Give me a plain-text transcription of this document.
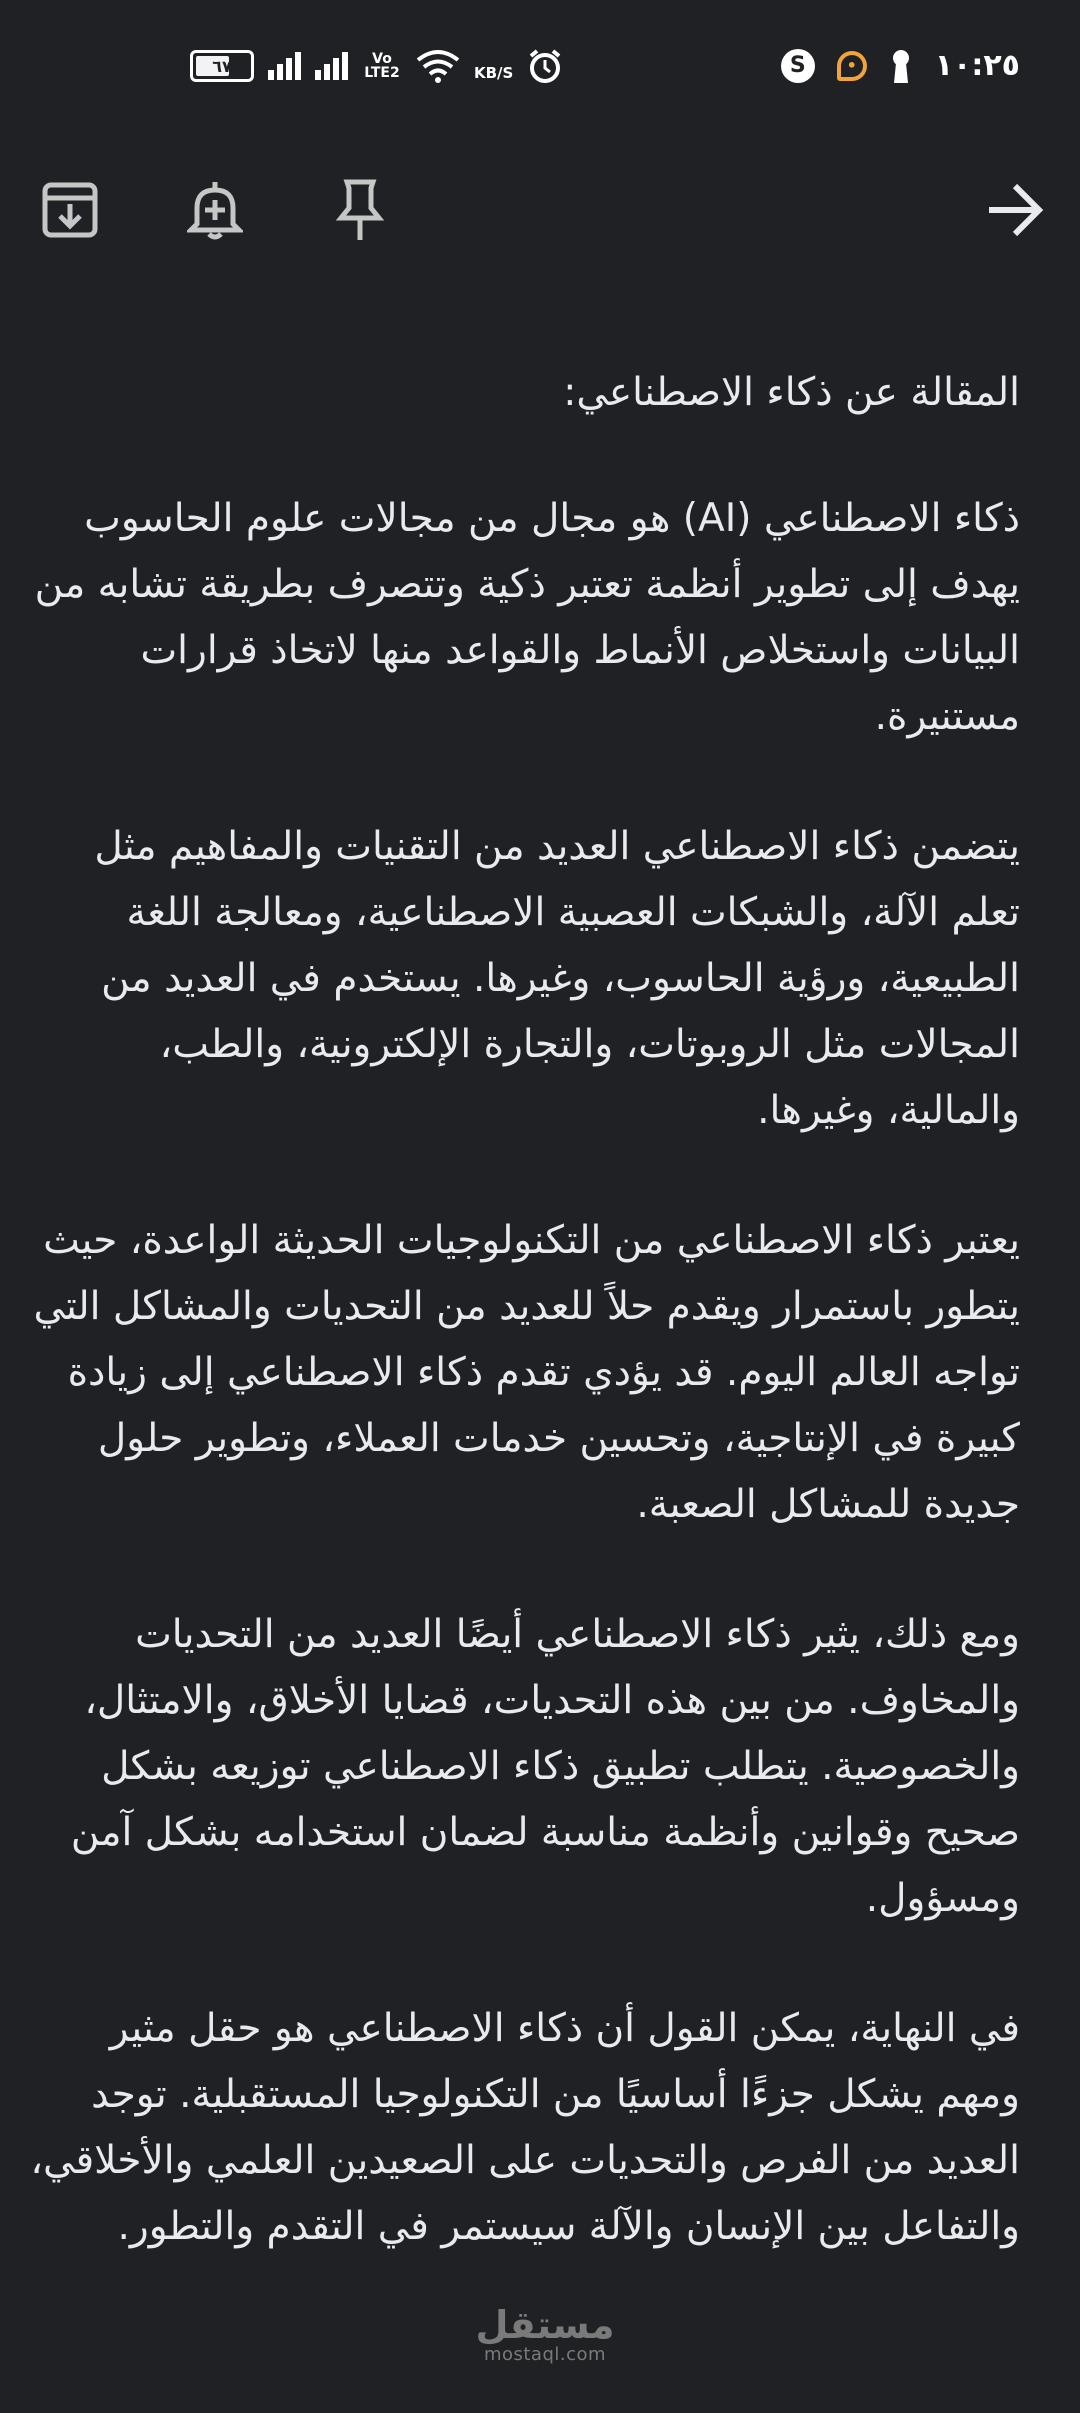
٦٧	Vo LTE2	KB/S	S	•	١٠:٢٥

المقالة عن ذكاء الاصطناعي:

ذكاء الاصطناعي (AI) هو مجال من مجالات علوم الحاسوب يهدف إلى تطوير أنظمة تعتبر ذكية وتتصرف بطريقة تشابه من البيانات واستخلاص الأنماط والقواعد منها لاتخاذ قرارات مستنيرة.

يتضمن ذكاء الاصطناعي العديد من التقنيات والمفاهيم مثل تعلم الآلة، والشبكات العصبية الاصطناعية، ومعالجة اللغة الطبيعية، ورؤية الحاسوب، وغيرها. يستخدم في العديد من المجالات مثل الروبوتات، والتجارة الإلكترونية، والطب، والمالية، وغيرها.

يعتبر ذكاء الاصطناعي من التكنولوجيات الحديثة الواعدة، حيث يتطور باستمرار ويقدم حلاً للعديد من التحديات والمشاكل التي تواجه العالم اليوم. قد يؤدي تقدم ذكاء الاصطناعي إلى زيادة كبيرة في الإنتاجية، وتحسين خدمات العملاء، وتطوير حلول جديدة للمشاكل الصعبة.

ومع ذلك، يثير ذكاء الاصطناعي أيضًا العديد من التحديات والمخاوف. من بين هذه التحديات، قضايا الأخلاق، والامتثال، والخصوصية. يتطلب تطبيق ذكاء الاصطناعي توزيعه بشكل صحيح وقوانين وأنظمة مناسبة لضمان استخدامه بشكل آمن ومسؤول.

في النهاية، يمكن القول أن ذكاء الاصطناعي هو حقل مثير ومهم يشكل جزءًا أساسيًا من التكنولوجيا المستقبلية. توجد العديد من الفرص والتحديات على الصعيدين العلمي والأخلاقي، والتفاعل بين الإنسان والآلة سيستمر في التقدم والتطور.

مستقل
mostaql.com
